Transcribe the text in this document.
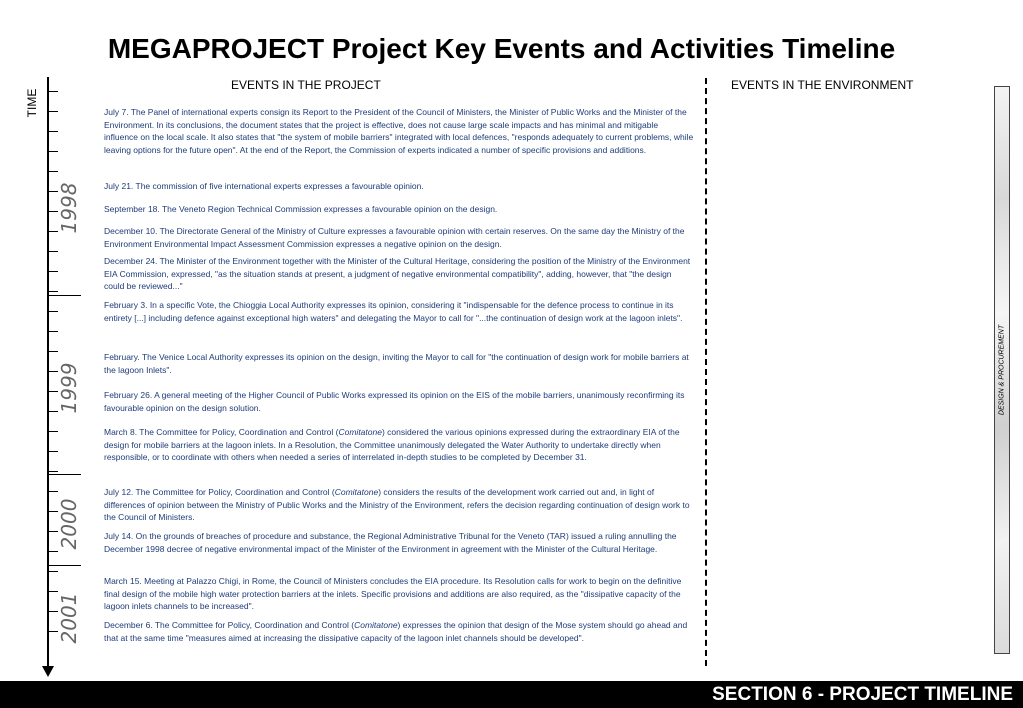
MEGAPROJECT Project Key Events and Activities Timeline
TIME
1998
1999
2000
2001
EVENTS IN THE PROJECT	EVENTS IN THE ENVIRONMENT
July 7. The Panel of international experts consign its Report to the President of the Council of Ministers, the Minister of Public Works and the Minister of the Environment. In its conclusions, the document states that the project is effective, does not cause large scale impacts and has minimal and mitigable influence on the local scale. It also states that "the system of mobile barriers" integrated with local defences, "responds adequately to current problems, while leaving options for the future open". At the end of the Report, the Commission of experts indicated a number of specific provisions and additions.
July 21. The commission of five international experts expresses a favourable opinion.
September 18. The Veneto Region Technical Commission expresses a favourable opinion on the design.
December 10. The Directorate General of the Ministry of Culture expresses a favourable opinion with certain reserves. On the same day the Ministry of the Environment Environmental Impact Assessment Commission expresses a negative opinion on the design.
December 24. The Minister of the Environment together with the Minister of the Cultural Heritage, considering the position of the Ministry of the Environment EIA Commission, expressed, "as the situation stands at present, a judgment of negative environmental compatibility", adding, however, that "the design could be reviewed..."
February 3. In a specific Vote, the Chioggia Local Authority expresses its opinion, considering it "indispensable for the defence process to continue in its entirety [...] including defence against exceptional high waters" and delegating the Mayor to call for "...the continuation of design work at the lagoon inlets".
February. The Venice Local Authority expresses its opinion on the design, inviting the Mayor to call for "the continuation of design work for mobile barriers at the lagoon Inlets".
February 26. A general meeting of the Higher Council of Public Works expressed its opinion on the EIS of the mobile barriers, unanimously reconfirming its favourable opinion on the design solution.
March 8. The Committee for Policy, Coordination and Control (Comitatone) considered the various opinions expressed during the extraordinary EIA of the design for mobile barriers at the lagoon inlets. In a Resolution, the Committee unanimously delegated the Water Authority to undertake directly when responsible, or to coordinate with others when needed a series of interrelated in-depth studies to be completed by December 31.
July 12. The Committee for Policy, Coordination and Control (Comitatone) considers the results of the development work carried out and, in light of differences of opinion between the Ministry of Public Works and the Ministry of the Environment, refers the decision regarding continuation of design work to the Council of Ministers.
July 14. On the grounds of breaches of procedure and substance, the Regional Administrative Tribunal for the Veneto (TAR) issued a ruling annulling the December 1998 decree of negative environmental impact of the Minister of the Environment in agreement with the Minister of the Cultural Heritage.
March 15. Meeting at Palazzo Chigi, in Rome, the Council of Ministers concludes the EIA procedure. Its Resolution calls for work to begin on the definitive final design of the mobile high water protection barriers at the inlets. Specific provisions and additions are also required, as the "dissipative capacity of the lagoon inlets channels to be increased".
December 6. The Committee for Policy, Coordination and Control (Comitatone) expresses the opinion that design of the Mose system should go ahead and that at the same time "measures aimed at increasing the dissipative capacity of the lagoon inlet channels should be developed".
DESIGN & PROCUREMENT
SECTION 6 - PROJECT TIMELINE
